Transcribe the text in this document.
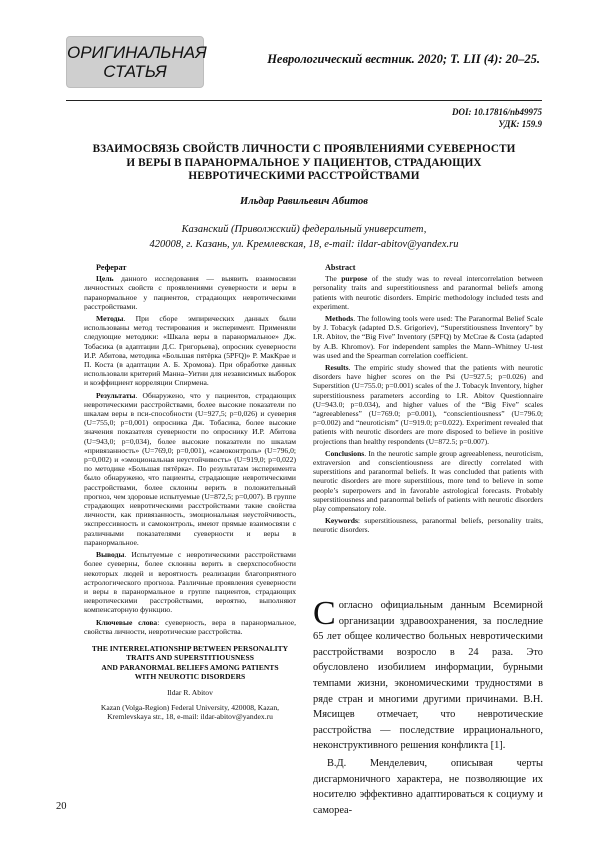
ОРИГИНАЛЬНАЯ
СТАТЬЯ
Неврологический вестник. 2020; Т. LII (4): 20–25.
DOI: 10.17816/nb49975
УДК: 159.9
ВЗАИМОСВЯЗЬ СВОЙСТВ ЛИЧНОСТИ С ПРОЯВЛЕНИЯМИ СУЕВЕРНОСТИ
И ВЕРЫ В ПАРАНОРМАЛЬНОЕ У ПАЦИЕНТОВ, СТРАДАЮЩИХ
НЕВРОТИЧЕСКИМИ РАССТРОЙСТВАМИ
Ильдар Равильевич Абитов
Казанский (Приволжский) федеральный университет,
420008, г. Казань, ул. Кремлевская, 18, e-mail: ildar-abitov@yandex.ru
Реферат

Цель данного исследования — выявить взаимосвязи личностных свойств с проявлениями суеверности и веры в паранормальное у пациентов, страдающих невротическими расстройствами.

Методы. При сборе эмпирических данных были использованы метод тестирования и эксперимент. Применяли следующие методики: «Шкала веры в паранормальное» Дж. Тобасика (в адаптации Д.С. Григорьева), опросник суеверности И.Р. Абитова, методика «Большая пятёрка (5PFQ)» Р. МакКрае и П. Коста (в адаптации А. Б. Хромова). При обработке данных использовали критерий Манна–Уитни для независимых выборок и коэффициент корреляции Спирмена.

Результаты. Обнаружено, что у пациентов, страдающих невротическими расстройствами, более высокие показатели по шкалам веры в пси-способности (U=927,5; p=0,026) и суеверия (U=755,0; p=0,001) опросника Дж. Тобасика, более высокие значения показателя суеверности по опроснику И.Р. Абитова (U=943,0; p=0,034), более высокие показатели по шкалам «привязанность» (U=769,0; p=0,001), «самоконтроль» (U=796,0; p=0,002) и «эмоциональная неустойчивость» (U=919,0; p=0,022) по методике «Большая пятёрка». По результатам эксперимента было обнаружено, что пациенты, страдающие невротическими расстройствами, более склонны верить в положительный прогноз, чем здоровые испытуемые (U=872,5; p=0,007). В группе страдающих невротическими расстройствами такие свойства личности, как привязанность, эмоциональная неустойчивость, экспрессивность и самоконтроль, имеют прямые взаимосвязи с различными показателями суеверности и веры в паранормальное.

Выводы. Испытуемые с невротическими расстройствами более суеверны, более склонны верить в сверхспособности некоторых людей и вероятность реализации благоприятного астрологического прогноза. Различные проявления суеверности и веры в паранормальное в группе пациентов, страдающих невротическими расстройствами, вероятно, выполняют компенсаторную функцию.

Ключевые слова: суеверность, вера в паранормальное, свойства личности, невротические расстройства.

THE INTERRELATIONSHIP BETWEEN PERSONALITY
TRAITS AND SUPERSTITIOUSNESS
AND PARANORMAL BELIEFS AMONG PATIENTS
WITH NEUROTIC DISORDERS
Ildar R. Abitov
Kazan (Volga-Region) Federal University, 420008, Kazan,
Kremlevskaya str., 18, e-mail: ildar-abitov@yandex.ru
Abstract

The purpose of the study was to reveal intercorrelation between personality traits and superstitiousness and paranormal beliefs among patients with neurotic disorders. Empiric methodology included tests and experiment.

Methods. The following tools were used: The Paranormal Belief Scale by J. Tobacyk (adapted D.S. Grigoriev), “Superstitiousness Inventory” by I.R. Abitov, the “Big Five” Inventory (5PFQ) by McCrae & Costa (adapted by A.B. Khromov). For independent samples the Mann–Whitney U-test was used and the Spearman correlation coefficient.

Results. The empiric study showed that the patients with neurotic disorders have higher scores on the Psi (U=927.5; p=0.026) and Superstition (U=755.0; p=0.001) scales of the J. Tobacyk Inventory, higher superstitiousness parameters according to I.R. Abitov Questionnaire (U=943.0; p=0.034), and higher values of the “Big Five” scales “agreeableness” (U=769.0; p=0.001), “conscientiousness” (U=796.0; p=0.002) and “neuroticism” (U=919.0; p=0.022). Experiment revealed that patients with neurotic disorders are more disposed to believe in positive projections than healthy respondents (U=872.5; p=0.007).

Conclusions. In the neurotic sample group agreeableness, neuroticism, extraversion and conscientiousness are directly correlated with superstitions and paranormal beliefs. It was concluded that patients with neurotic disorders are more superstitious, more tend to believe in some people’s superpowers and in favorable astrological forecasts. Probably superstitiousness and paranormal beliefs of patients with neurotic disorders play compensatory role.

Keywords: superstitiousness, paranormal beliefs, personality traits, neurotic disorders.

Согласно официальным данным Всемирной организации здравоохранения, за последние 65 лет общее количество больных невротическими расстройствами возросло в 24 раза. Это обусловлено изобилием информации, бурными темпами жизни, экономическими трудностями в ряде стран и многими другими причинами. В.Н. Мясищев отмечает, что невротические расстройства — последствие иррационального, неконструктивного решения конфликта [1].

В.Д. Менделевич, описывая черты дисгармоничного характера, не позволяющие их носителю эффективно адаптироваться к социуму и самореа-

20
